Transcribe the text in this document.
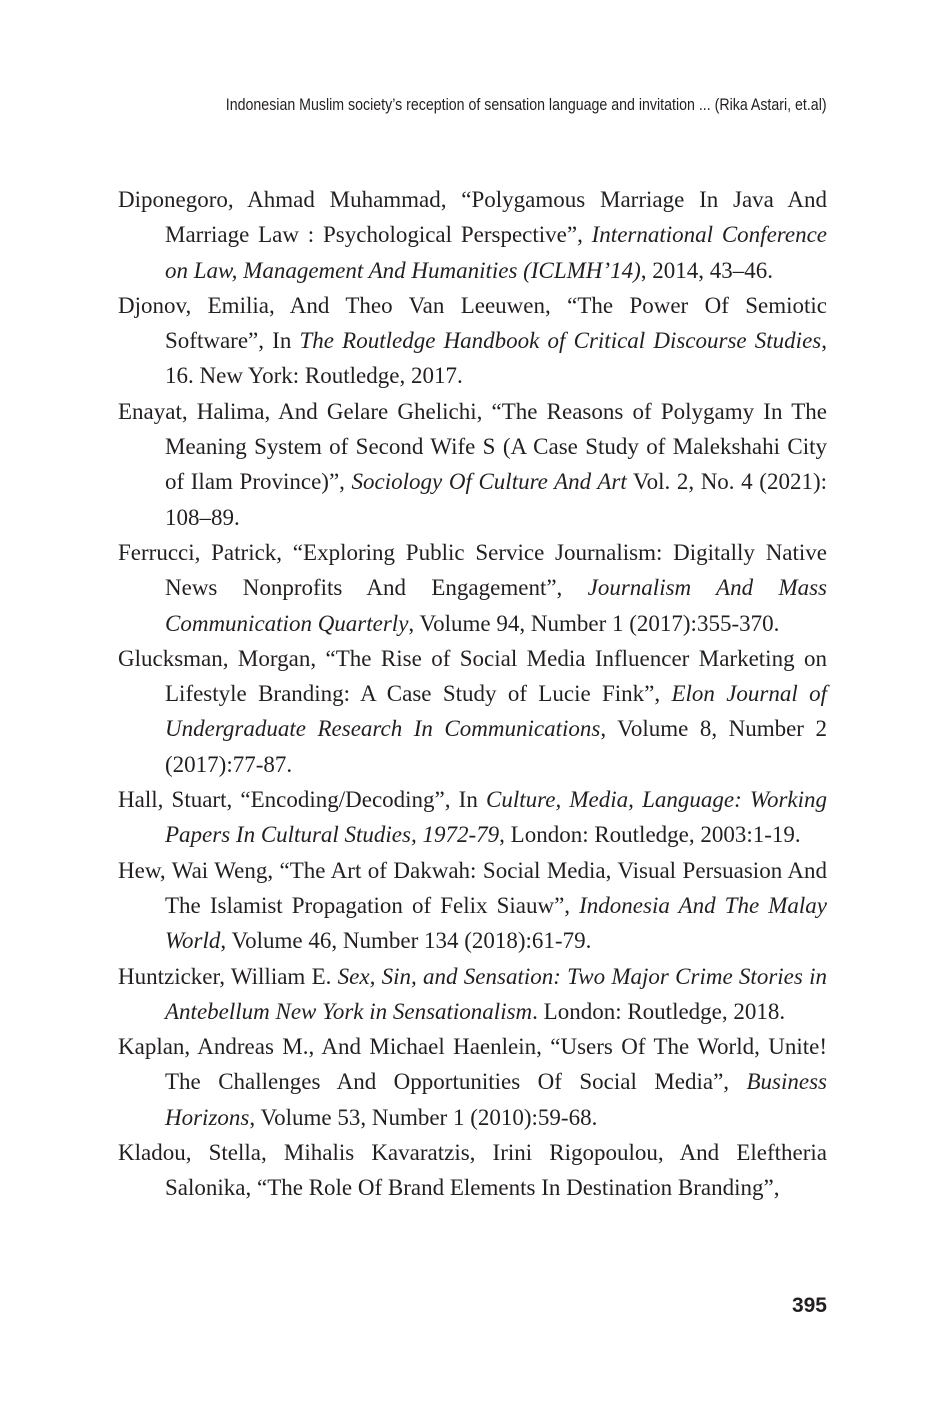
Indonesian Muslim society’s reception of sensation language and invitation ... (Rika Astari, et.al)
Diponegoro, Ahmad Muhammad, “Polygamous Marriage In Java And Marriage Law : Psychological Perspective”, International Conference on Law, Management And Humanities (ICLMH’14), 2014, 43–46.
Djonov, Emilia, And Theo Van Leeuwen, “The Power Of Semiotic Software”, In The Routledge Handbook of Critical Discourse Studies, 16. New York: Routledge, 2017.
Enayat, Halima, And Gelare Ghelichi, “The Reasons of Polygamy In The Meaning System of Second Wife S (A Case Study of Malekshahi City of Ilam Province)”, Sociology Of Culture And Art Vol. 2, No. 4 (2021): 108–89.
Ferrucci, Patrick, “Exploring Public Service Journalism: Digitally Native News Nonprofits And Engagement”, Journalism And Mass Communication Quarterly, Volume 94, Number 1 (2017):355-370.
Glucksman, Morgan, “The Rise of Social Media Influencer Marketing on Lifestyle Branding: A Case Study of Lucie Fink”, Elon Journal of Undergraduate Research In Communications, Volume 8, Number 2 (2017):77-87.
Hall, Stuart, “Encoding/Decoding”, In Culture, Media, Language: Working Papers In Cultural Studies, 1972-79, London: Routledge, 2003:1-19.
Hew, Wai Weng, “The Art of Dakwah: Social Media, Visual Persuasion And The Islamist Propagation of Felix Siauw”, Indonesia And The Malay World, Volume 46, Number 134 (2018):61-79.
Huntzicker, William E. Sex, Sin, and Sensation: Two Major Crime Stories in Antebellum New York in Sensationalism. London: Routledge, 2018.
Kaplan, Andreas M., And Michael Haenlein, “Users Of The World, Unite! The Challenges And Opportunities Of Social Media”, Business Horizons, Volume 53, Number 1 (2010):59-68.
Kladou, Stella, Mihalis Kavaratzis, Irini Rigopoulou, And Eleftheria Salonika, “The Role Of Brand Elements In Destination Branding”,
395
